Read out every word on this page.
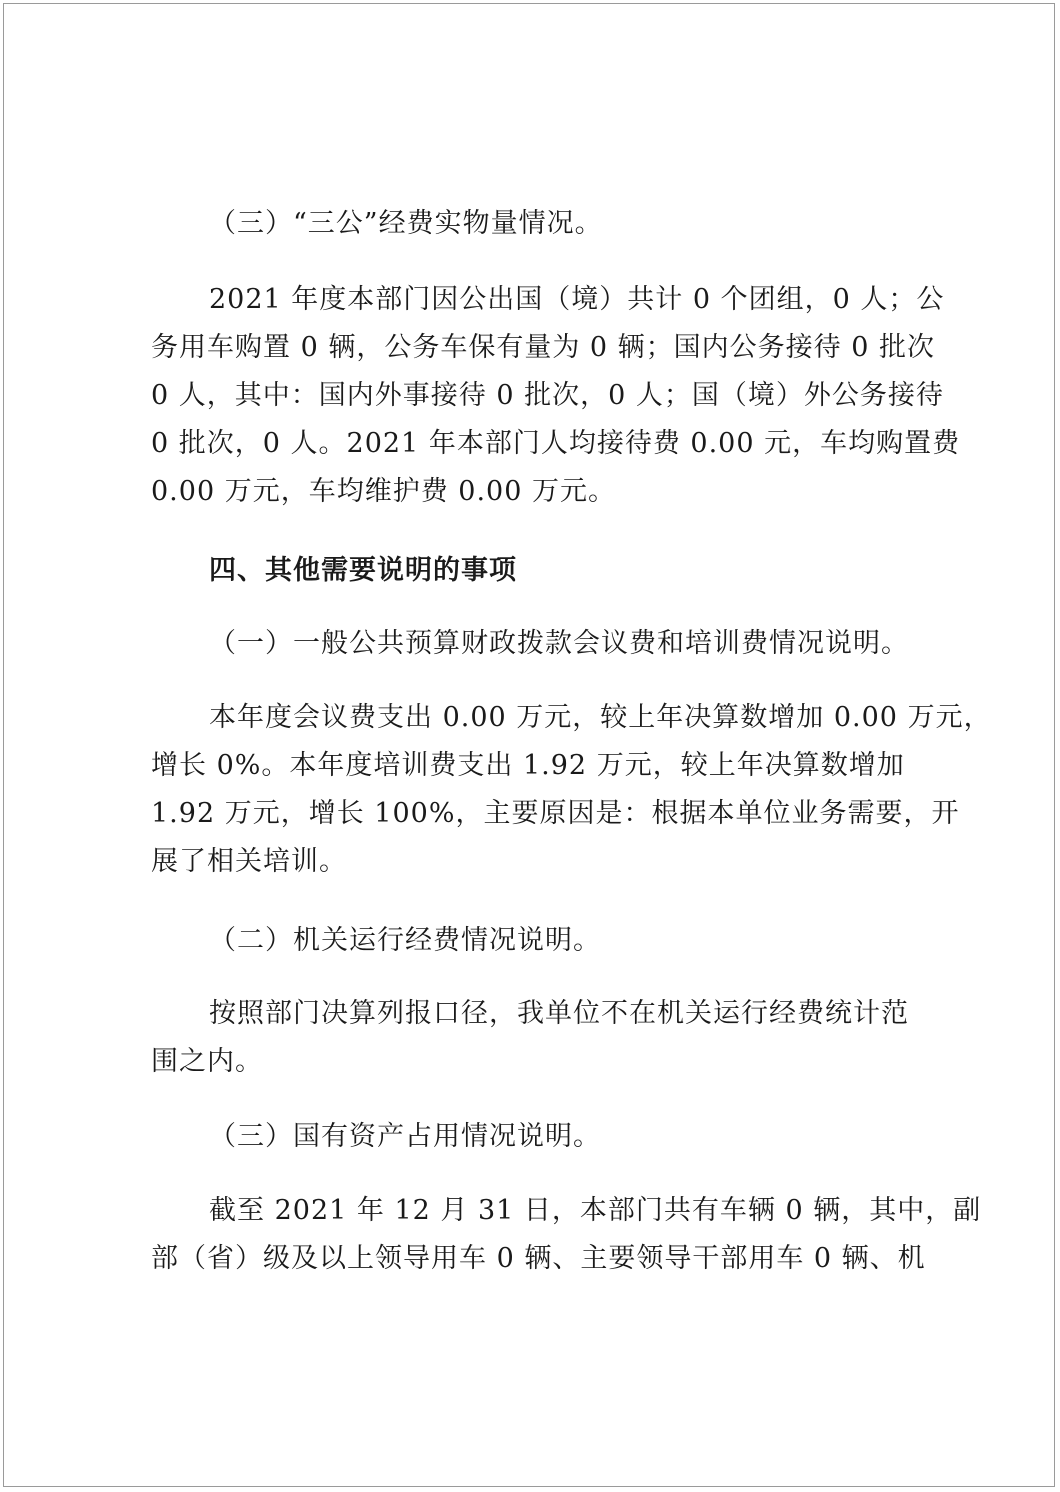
（三）“三公”经费实物量情况。
2021 年度本部门因公出国（境）共计 0 个团组，0 人；公
务用车购置 0 辆，公务车保有量为 0 辆；国内公务接待 0 批次
0 人，其中：国内外事接待 0 批次，0 人；国（境）外公务接待
0 批次，0 人。2021 年本部门人均接待费 0.00 元，车均购置费
0.00 万元，车均维护费 0.00 万元。
四、其他需要说明的事项
（一）一般公共预算财政拨款会议费和培训费情况说明。
本年度会议费支出 0.00 万元，较上年决算数增加 0.00 万元，
增长 0%。本年度培训费支出 1.92 万元，较上年决算数增加
1.92 万元，增长 100%，主要原因是：根据本单位业务需要，开
展了相关培训。
（二）机关运行经费情况说明。
按照部门决算列报口径，我单位不在机关运行经费统计范
围之内。
（三）国有资产占用情况说明。
截至 2021 年 12 月 31 日，本部门共有车辆 0 辆，其中，副
部（省）级及以上领导用车 0 辆、主要领导干部用车 0 辆、机
